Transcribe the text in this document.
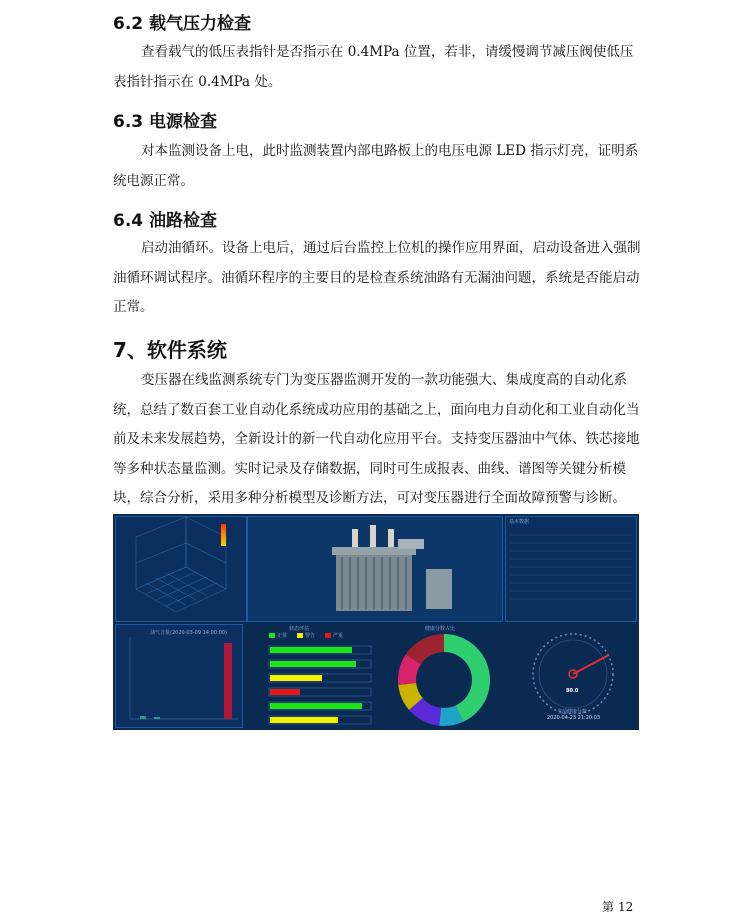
6.2 载气压力检查
查看载气的低压表指针是否指示在 0.4MPa 位置，若非，请缓慢调节减压阀使低压表指针指示在 0.4MPa 处。
6.3 电源检查
对本监测设备上电，此时监测装置内部电路板上的电压电源 LED 指示灯亮，证明系统电源正常。
6.4 油路检查
启动油循环。设备上电后，通过后台监控上位机的操作应用界面，启动设备进入强制油循环调试程序。油循环程序的主要目的是检查系统油路有无漏油问题，系统是否能启动正常。
7、软件系统
变压器在线监测系统专门为变压器监测开发的一款功能强大、集成度高的自动化系统，总结了数百套工业自动化系统成功应用的基础之上，面向电力自动化和工业自动化当前及未来发展趋势，全新设计的新一代自动化应用平台。支持变压器油中气体、铁芯接地等多种状态量监测。实时记录及存储数据，同时可生成报表、曲线、谱图等关键分析模块，综合分析，采用多种分析模型及诊断方法，可对变压器进行全面故障预警与诊断。
基本数据
油气含量(2020-03-09 14:00:00)
状态评估
正常	警告	严重
健康分数占比
80.0
当前健康分数
2020-04-23 21:20:03
第 12
